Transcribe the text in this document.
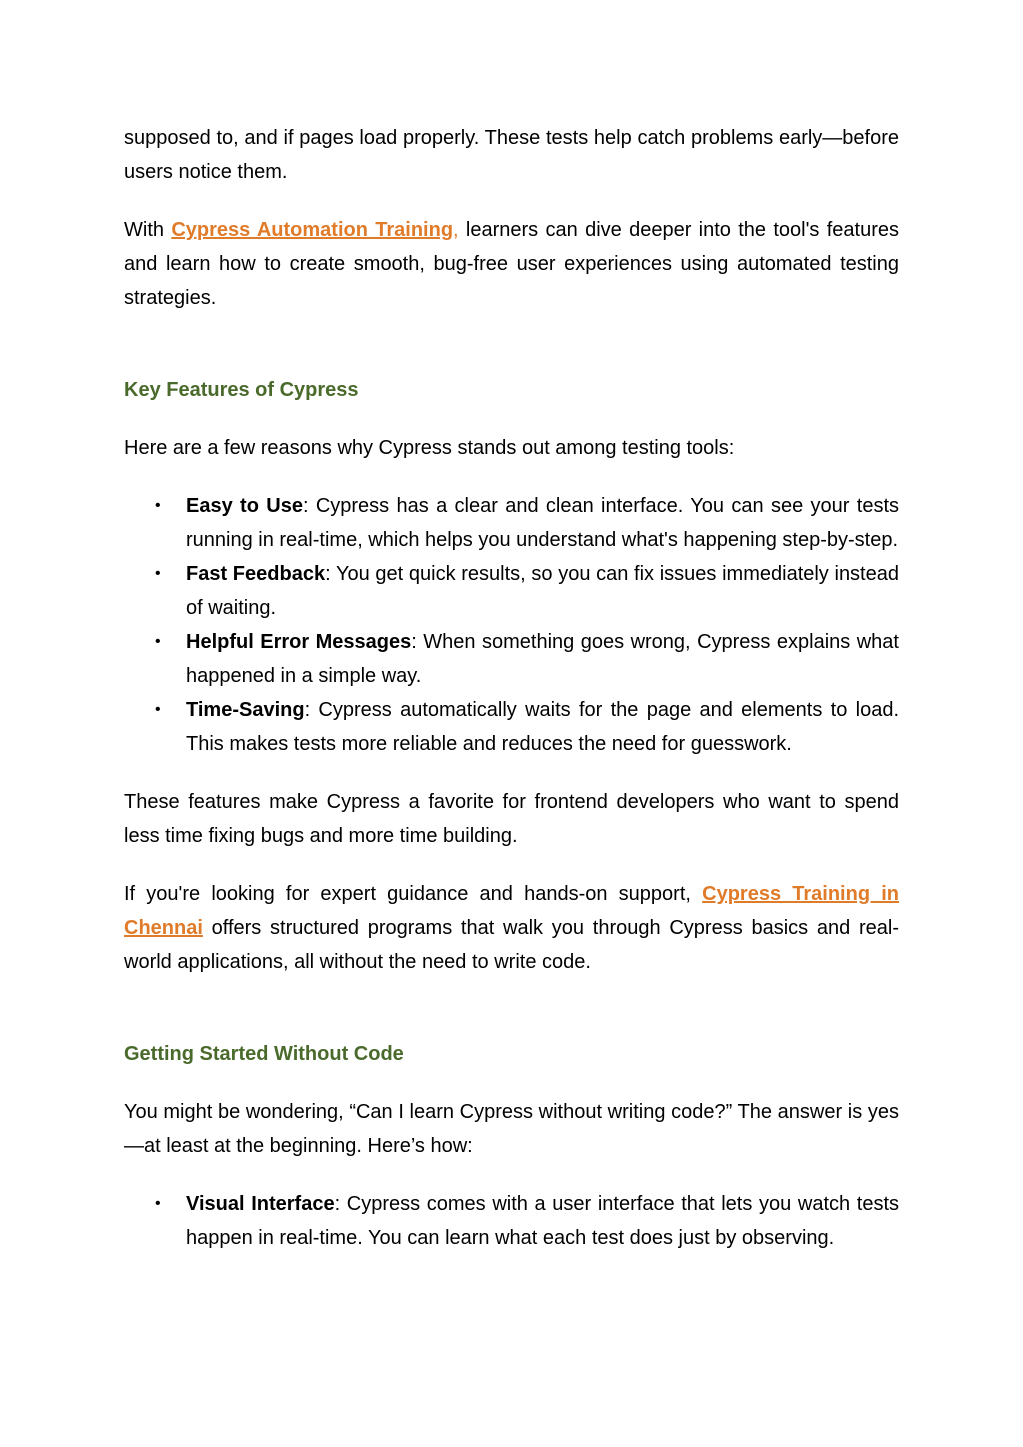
supposed to, and if pages load properly. These tests help catch problems early—before users notice them.

With Cypress Automation Training, learners can dive deeper into the tool's features and learn how to create smooth, bug-free user experiences using automated testing strategies.

Key Features of Cypress

Here are a few reasons why Cypress stands out among testing tools:

• Easy to Use: Cypress has a clear and clean interface. You can see your tests running in real-time, which helps you understand what's happening step-by-step.
• Fast Feedback: You get quick results, so you can fix issues immediately instead of waiting.
• Helpful Error Messages: When something goes wrong, Cypress explains what happened in a simple way.
• Time-Saving: Cypress automatically waits for the page and elements to load. This makes tests more reliable and reduces the need for guesswork.

These features make Cypress a favorite for frontend developers who want to spend less time fixing bugs and more time building.

If you're looking for expert guidance and hands-on support, Cypress Training in Chennai offers structured programs that walk you through Cypress basics and real-world applications, all without the need to write code.

Getting Started Without Code

You might be wondering, “Can I learn Cypress without writing code?” The answer is yes—at least at the beginning. Here’s how:

• Visual Interface: Cypress comes with a user interface that lets you watch tests happen in real-time. You can learn what each test does just by observing.
